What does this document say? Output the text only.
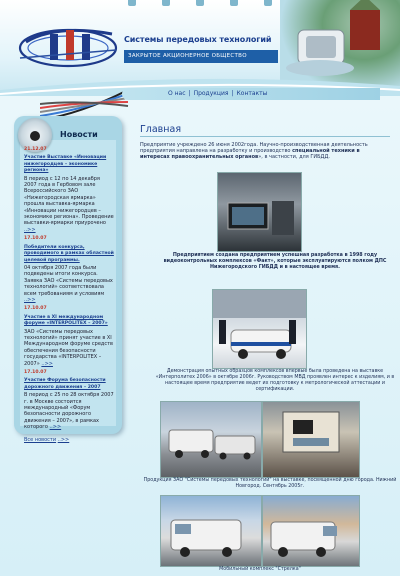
Системы передовых технологий
ЗАКРЫТОЕ АКЦИОНЕРНОЕ ОБЩЕСТВО
О нас | Продукция | Контакты
Новости
21.12.07
Участие Выставке «Инновации нижегородцев – экономике региона»
В период с 12 по 14 декабря 2007 года в Гербовом зале Всероссийского ЗАО «Нижегородская ярмарка» прошла выставка-ярмарка «Инновации нижегородцев – экономике региона». Проведение выставки-ярмарки приурочено ..>>
17.10.07
Победители конкурса, проводимого в рамках областной целевой программы.
04 октября 2007 года были подведены итоги конкурса. Заявка ЗАО «Системы передовых технологий» соответствовала всем требованиям и условиям ..>>
17.10.07
Участие в XI международном форуме «INTERPOLITEX – 2007»
ЗАО «Системы передовых технологий» принят участие в XI Международном форуме средств обеспечения безопасности государства «INTERPOLITEX – 2007» ..>>
17.10.07
Участие Форума безопасности дорожного движения – 2007
В период с 25 по 28 октября 2007 г. в Москве состоится международный «Форум безопасности дорожного движения – 2007», в рамках которого ..>>
Все новости ..>>
Главная
Предприятие учреждено 26 июня 2002года. Научно-производственная деятельность предприятия направлена на разработку и производство специальной техники в интересах правоохранительных органов», в частности, для ГИБДД.
Предприятием создана предприятием успешная разработка в 1998 году видеоконтрольных комплексов «Факт», которые эксплуатируются полком ДПС Нижегородского ГИБДД и в настоящее время.
Демонстрация опытных образцов комплексов впервые была проведена на выставке «Интерполитех 2006» в октябре 2006г. Руководством МВД проявлен интерес к изделиям, и в настоящее время предприятие ведет их подготовку к метрологической аттестации и сертификации.
Продукция ЗАО "Системы передовых технологий" на выставке, посвященной дню города. Нижний Новгород. Сентябрь 2005г.
Мобильный комплекс "Стрелка"
